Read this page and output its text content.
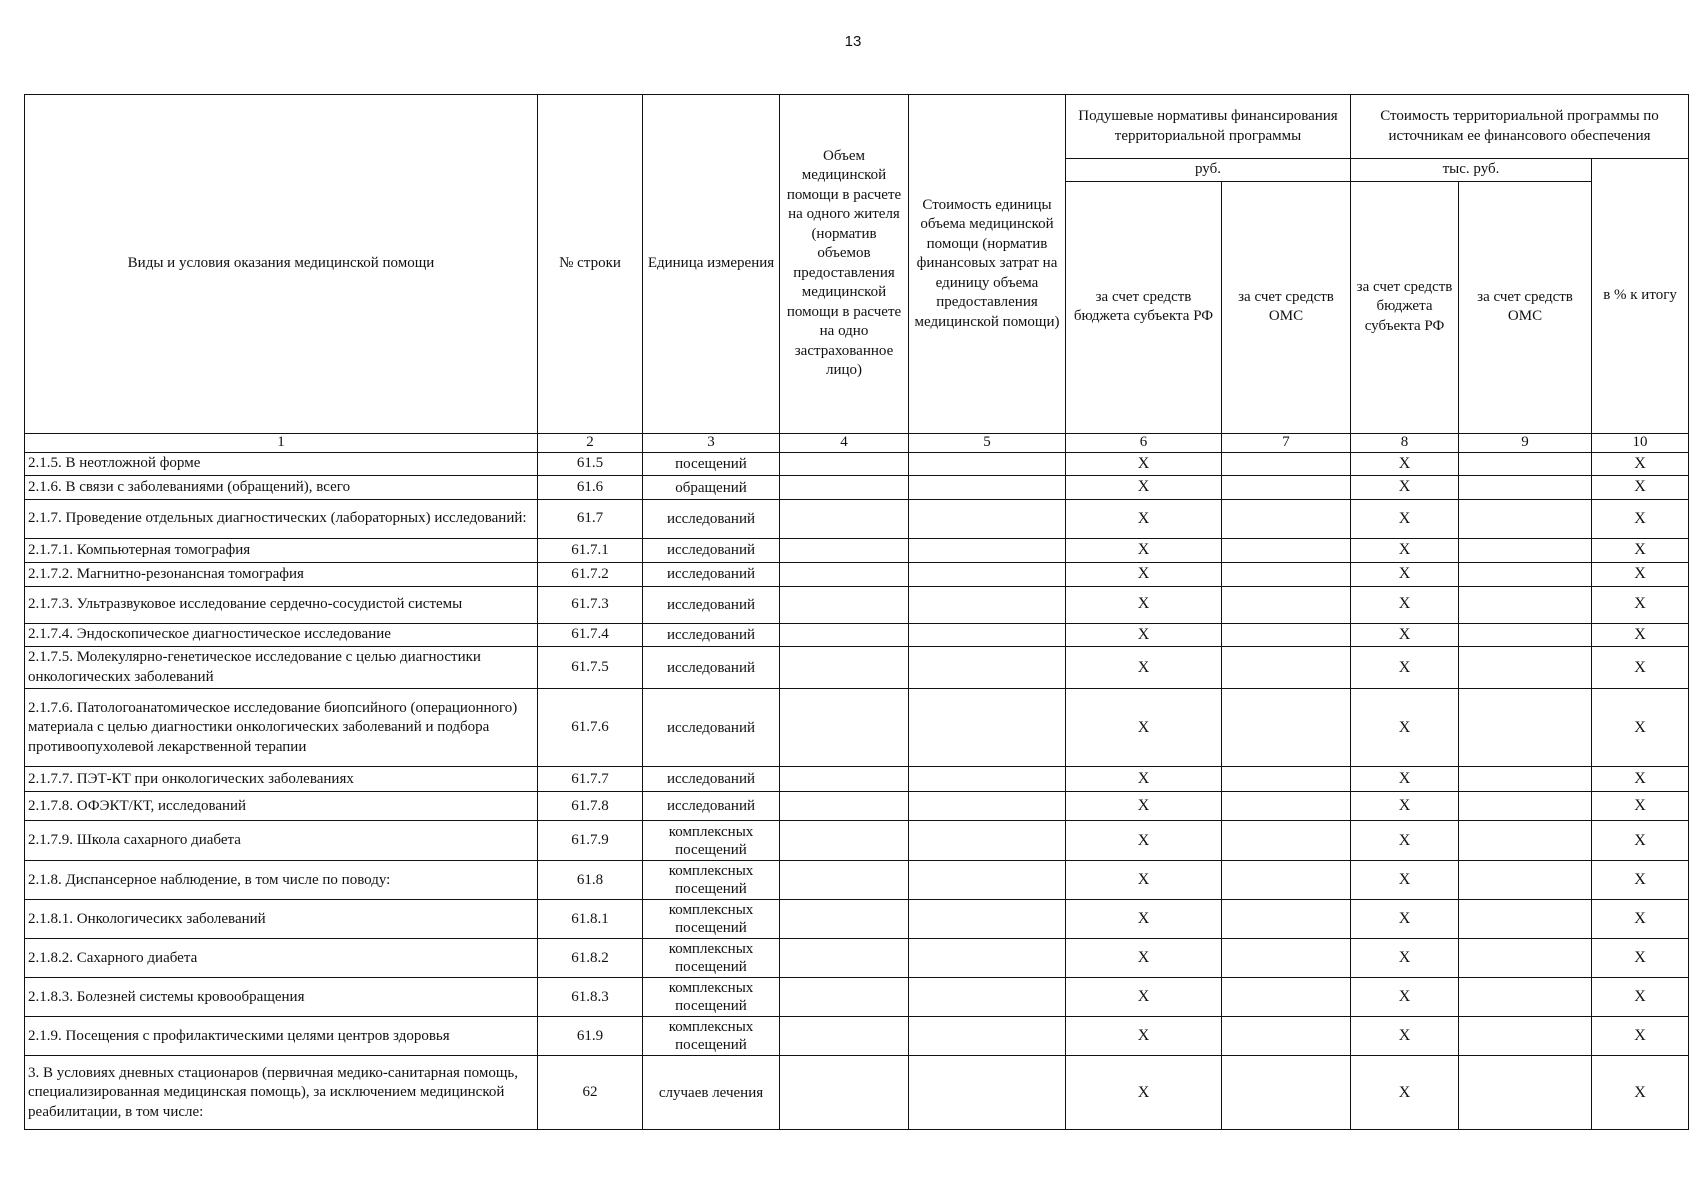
13
Виды и условия оказания медицинской помощи	№ строки	Единица измерения	Объем медицинской помощи в расчете на одного жителя (норматив объемов предоставления медицинской помощи в расчете на одно застрахованное лицо)	Стоимость единицы объема медицинской помощи (норматив финансовых затрат на единицу объема предоставления медицинской помощи)	Подушевые нормативы финансирования территориальной программы		Стоимость территориальной программы по источникам ее финансового обеспечения		
					руб.		тыс. руб.		в % к итогу
					за счет средств бюджета субъекта РФ	за счет средств ОМС	за счет средств бюджета субъекта РФ	за счет средств ОМС	
1	2	3	4	5	6	7	8	9	10
2.1.5. В неотложной форме	61.5	посещений			Х		Х		Х
2.1.6. В связи с заболеваниями (обращений), всего	61.6	обращений			Х		Х		Х
2.1.7. Проведение отдельных диагностических (лабораторных) исследований:	61.7	исследований			Х		Х		Х
2.1.7.1. Компьютерная томография	61.7.1	исследований			Х		Х		Х
2.1.7.2. Магнитно-резонансная томография	61.7.2	исследований			Х		Х		Х
2.1.7.3. Ультразвуковое исследование сердечно-сосудистой системы	61.7.3	исследований			Х		Х		Х
2.1.7.4. Эндоскопическое диагностическое исследование	61.7.4	исследований			Х		Х		Х
2.1.7.5. Молекулярно-генетическое исследование с целью диагностики онкологических заболеваний	61.7.5	исследований			Х		Х		Х
2.1.7.6. Патологоанатомическое исследование биопсийного (операционного) материала с целью диагностики онкологических заболеваний и подбора противоопухолевой лекарственной терапии	61.7.6	исследований			Х		Х		Х
2.1.7.7. ПЭТ-КТ при онкологических заболеваниях	61.7.7	исследований			Х		Х		Х
2.1.7.8. ОФЭКТ/КТ, исследований	61.7.8	исследований			Х		Х		Х
2.1.7.9. Школа сахарного диабета	61.7.9	комплексных посещений			Х		Х		Х
2.1.8. Диспансерное наблюдение, в том числе по поводу:	61.8	комплексных посещений			Х		Х		Х
2.1.8.1. Онкологичесикх заболеваний	61.8.1	комплексных посещений			Х		Х		Х
2.1.8.2. Сахарного диабета	61.8.2	комплексных посещений			Х		Х		Х
2.1.8.3. Болезней системы кровообращения	61.8.3	комплексных посещений			Х		Х		Х
2.1.9. Посещения с профилактическими целями центров здоровья	61.9	комплексных посещений			Х		Х		Х
3. В условиях дневных стационаров (первичная медико-санитарная помощь, специализированная медицинская помощь), за исключением медицинской реабилитации, в том числе:	62	случаев лечения			Х		Х		Х
